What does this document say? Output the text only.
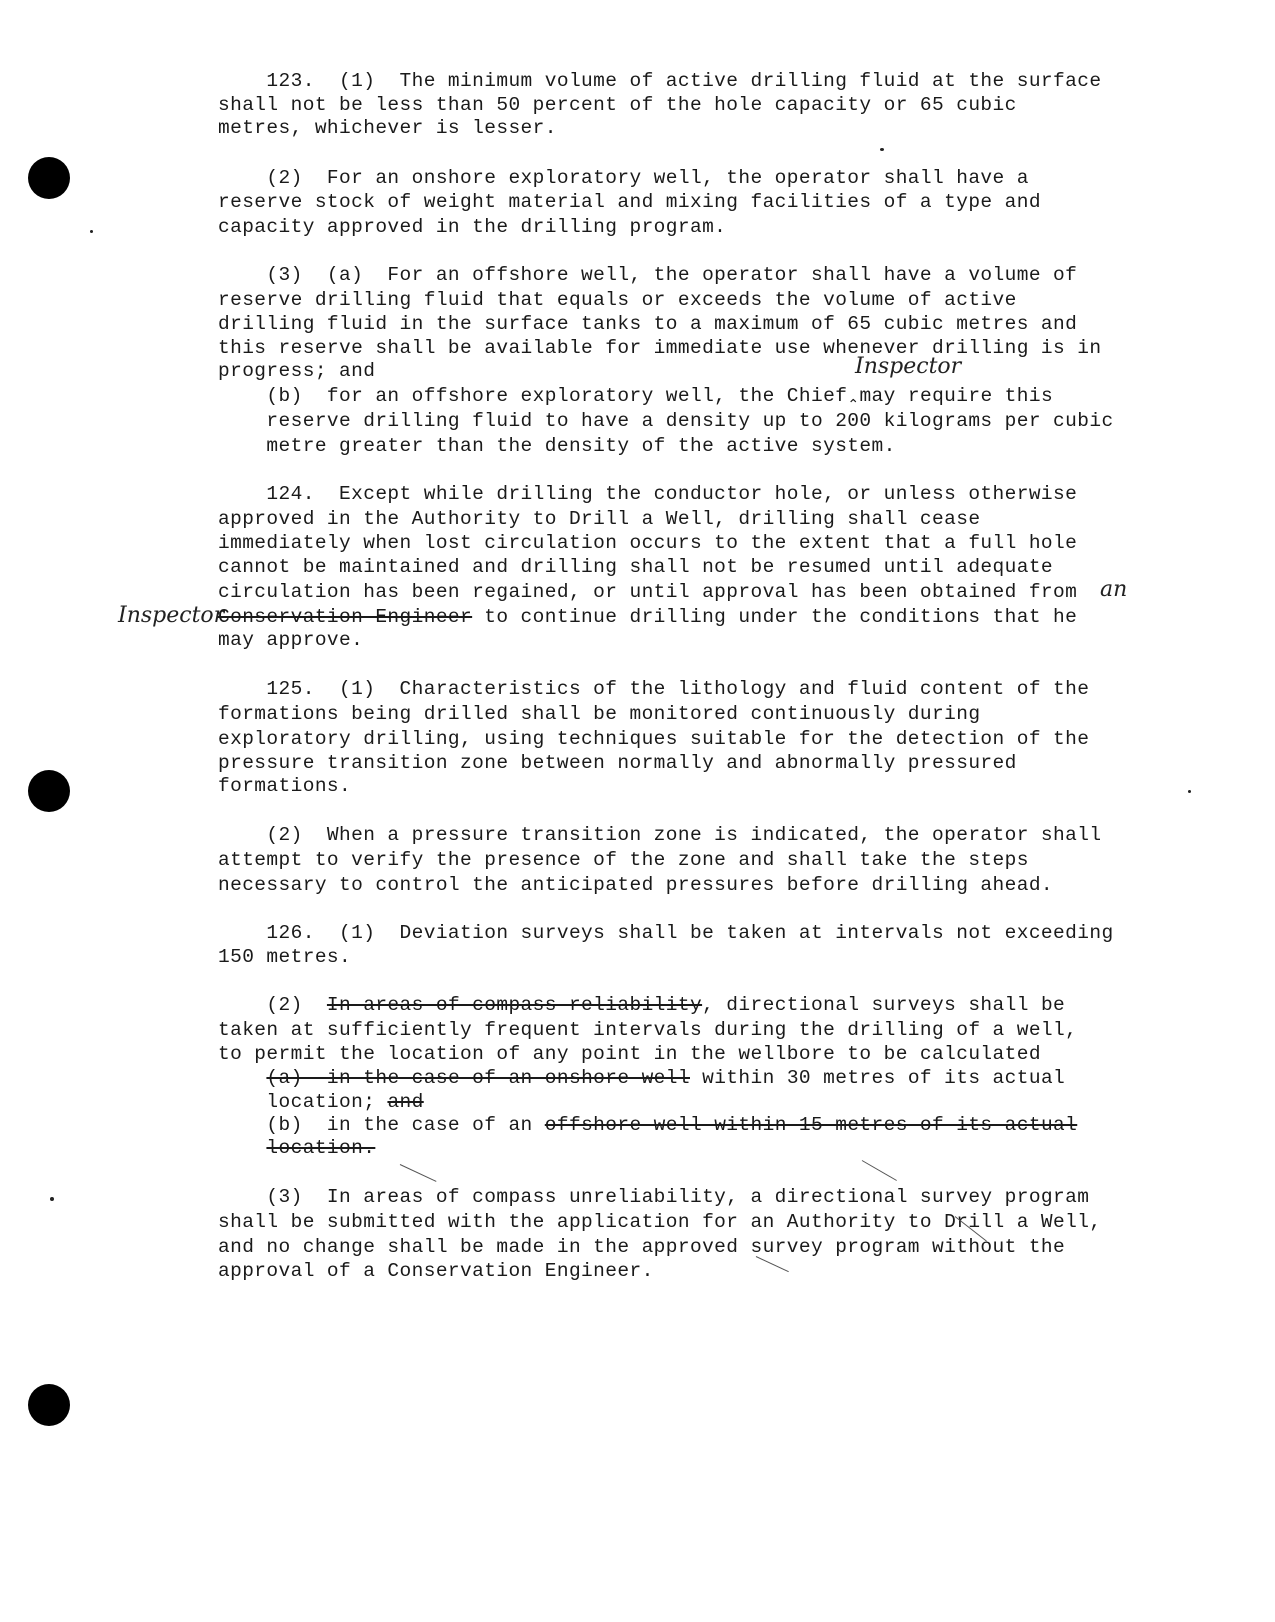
123.  (1)  The minimum volume of active drilling fluid at the surface
shall not be less than 50 percent of the hole capacity or 65 cubic
metres, whichever is lesser.
(2)  For an onshore exploratory well, the operator shall have a
reserve stock of weight material and mixing facilities of a type and
capacity approved in the drilling program.
(3)  (a)  For an offshore well, the operator shall have a volume of
reserve drilling fluid that equals or exceeds the volume of active
drilling fluid in the surface tanks to a maximum of 65 cubic metres and
this reserve shall be available for immediate use whenever drilling is in
progress; and	Inspector
(b)  for an offshore exploratory well, the Chief$_⌃$may require this
reserve drilling fluid to have a density up to 200 kilograms per cubic
metre greater than the density of the active system.
124.  Except while drilling the conductor hole, or unless otherwise
approved in the Authority to Drill a Well, drilling shall cease
immediately when lost circulation occurs to the extent that a full hole
cannot be maintained and drilling shall not be resumed until adequate
circulation has been regained, or until approval has been obtained from an
Inspector
Conservation Engineer to continue drilling under the conditions that he
may approve.
125.  (1)  Characteristics of the lithology and fluid content of the
formations being drilled shall be monitored continuously during
exploratory drilling, using techniques suitable for the detection of the
pressure transition zone between normally and abnormally pressured
formations.
(2)  When a pressure transition zone is indicated, the operator shall
attempt to verify the presence of the zone and shall take the steps
necessary to control the anticipated pressures before drilling ahead.
126.  (1)  Deviation surveys shall be taken at intervals not exceeding
150 metres.
(2)  In areas of compass reliability, directional surveys shall be
taken at sufficiently frequent intervals during the drilling of a well,
to permit the location of any point in the wellbore to be calculated
(a)  in the case of an onshore well within 30 metres of its actual
location; and
(b)  in the case of an offshore well within 15 metres of its actual
location.
(3)  In areas of compass unreliability, a directional survey program
shall be submitted with the application for an Authority to Drill a Well,
and no change shall be made in the approved survey program without the
approval of a Conservation Engineer.
